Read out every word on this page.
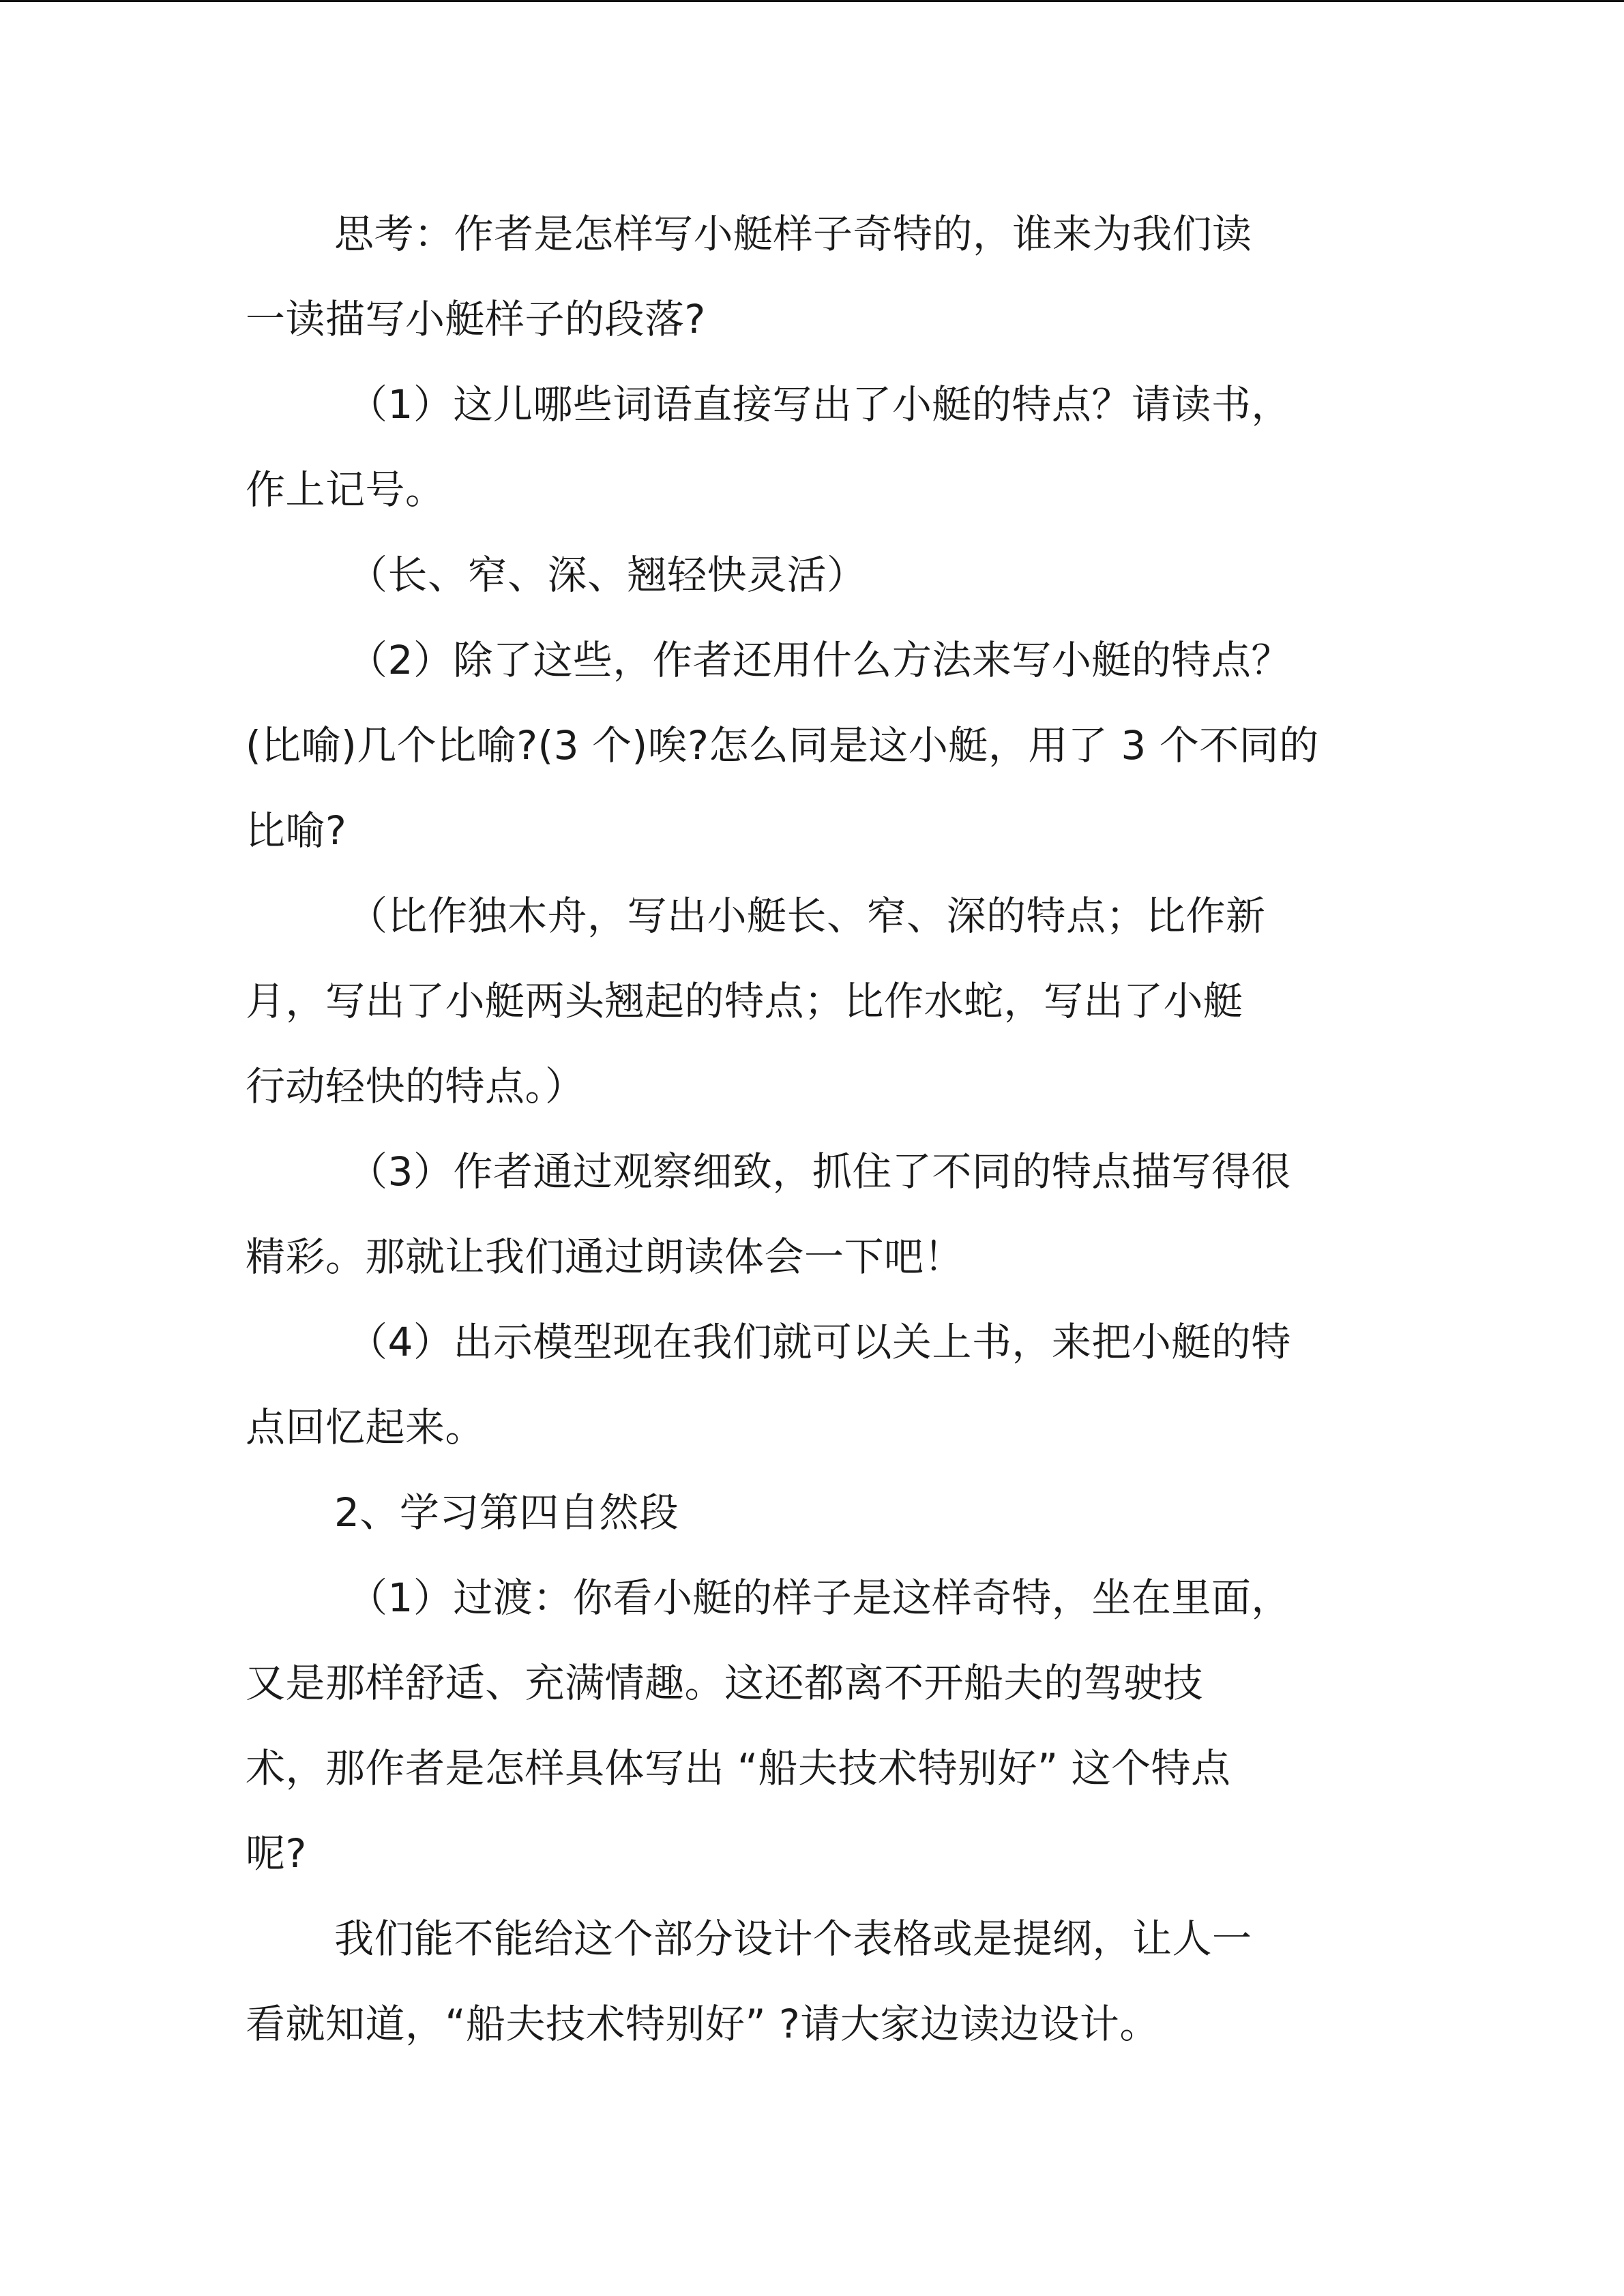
思考：作者是怎样写小艇样子奇特的，谁来为我们读
一读描写小艇样子的段落?
（1）这儿哪些词语直接写出了小艇的特点？请读书，
作上记号。
（长、窄、深、翘轻快灵活）
（2）除了这些，作者还用什么方法来写小艇的特点？
(比喻)几个比喻?(3 个)唉?怎么同是这小艇，用了 3 个不同的
比喻?
（比作独木舟，写出小艇长、窄、深的特点；比作新
月，写出了小艇两头翘起的特点；比作水蛇，写出了小艇
行动轻快的特点。）
（3）作者通过观察细致，抓住了不同的特点描写得很
精彩。那就让我们通过朗读体会一下吧！
（4）出示模型现在我们就可以关上书，来把小艇的特
点回忆起来。
2、学习第四自然段
（1）过渡：你看小艇的样子是这样奇特，坐在里面，
又是那样舒适、充满情趣。这还都离不开船夫的驾驶技
术，那作者是怎样具体写出 “船夫技术特别好” 这个特点
呢?
我们能不能给这个部分设计个表格或是提纲，让人一
看就知道，“船夫技术特别好” ?请大家边读边设计。
